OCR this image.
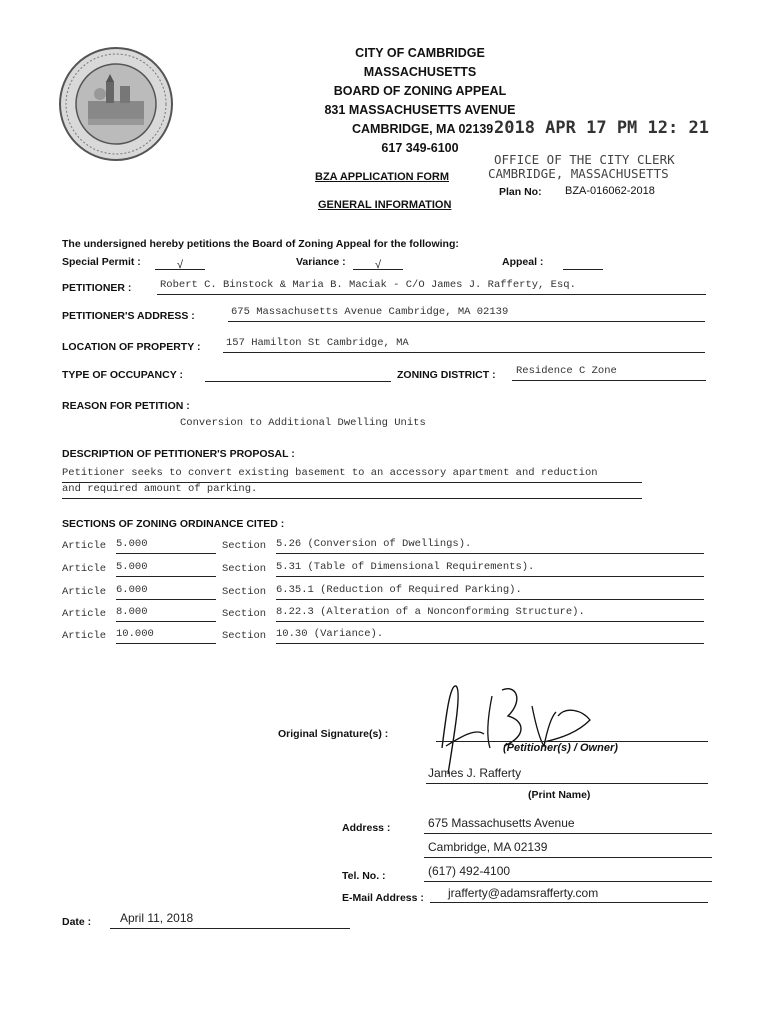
CITY OF CAMBRIDGE
MASSACHUSETTS
BOARD OF ZONING APPEAL
831 MASSACHUSETTS AVENUE
CAMBRIDGE, MA 02139 2018 APR 17 PM 12: 21
617 349-6100
OFFICE OF THE CITY CLERK
CAMBRIDGE, MASSACHUSETTS
BZA APPLICATION FORM
Plan No: BZA-016062-2018
GENERAL INFORMATION
The undersigned hereby petitions the Board of Zoning Appeal for the following:
Special Permit :	√	Variance :	√	Appeal :
PETITIONER :	Robert C. Binstock & Maria B. Maciak - C/O James J. Rafferty, Esq.
PETITIONER'S ADDRESS :	675 Massachusetts Avenue Cambridge, MA 02139
LOCATION OF PROPERTY : 157 Hamilton St Cambridge, MA
TYPE OF OCCUPANCY :	ZONING DISTRICT :	Residence C Zone
REASON FOR PETITION :
Conversion to Additional Dwelling Units
DESCRIPTION OF PETITIONER'S PROPOSAL :
Petitioner seeks to convert existing basement to an accessory apartment and reduction
and required amount of parking.
SECTIONS OF ZONING ORDINANCE CITED :
Article 5.000	Section 5.26 (Conversion of Dwellings).
Article 5.000	Section 5.31 (Table of Dimensional Requirements).
Article 6.000	Section 6.35.1 (Reduction of Required Parking).
Article 8.000	Section 8.22.3 (Alteration of a Nonconforming Structure).
Article 10.000	Section 10.30 (Variance).
Original Signature(s) :
(Petitioner(s) / Owner)
James J. Rafferty
(Print Name)
Address :	675 Massachusetts Avenue
Cambridge, MA 02139
Tel. No. :	(617) 492-4100
E-Mail Address :	jrafferty@adamsrafferty.com
Date :	April 11, 2018
